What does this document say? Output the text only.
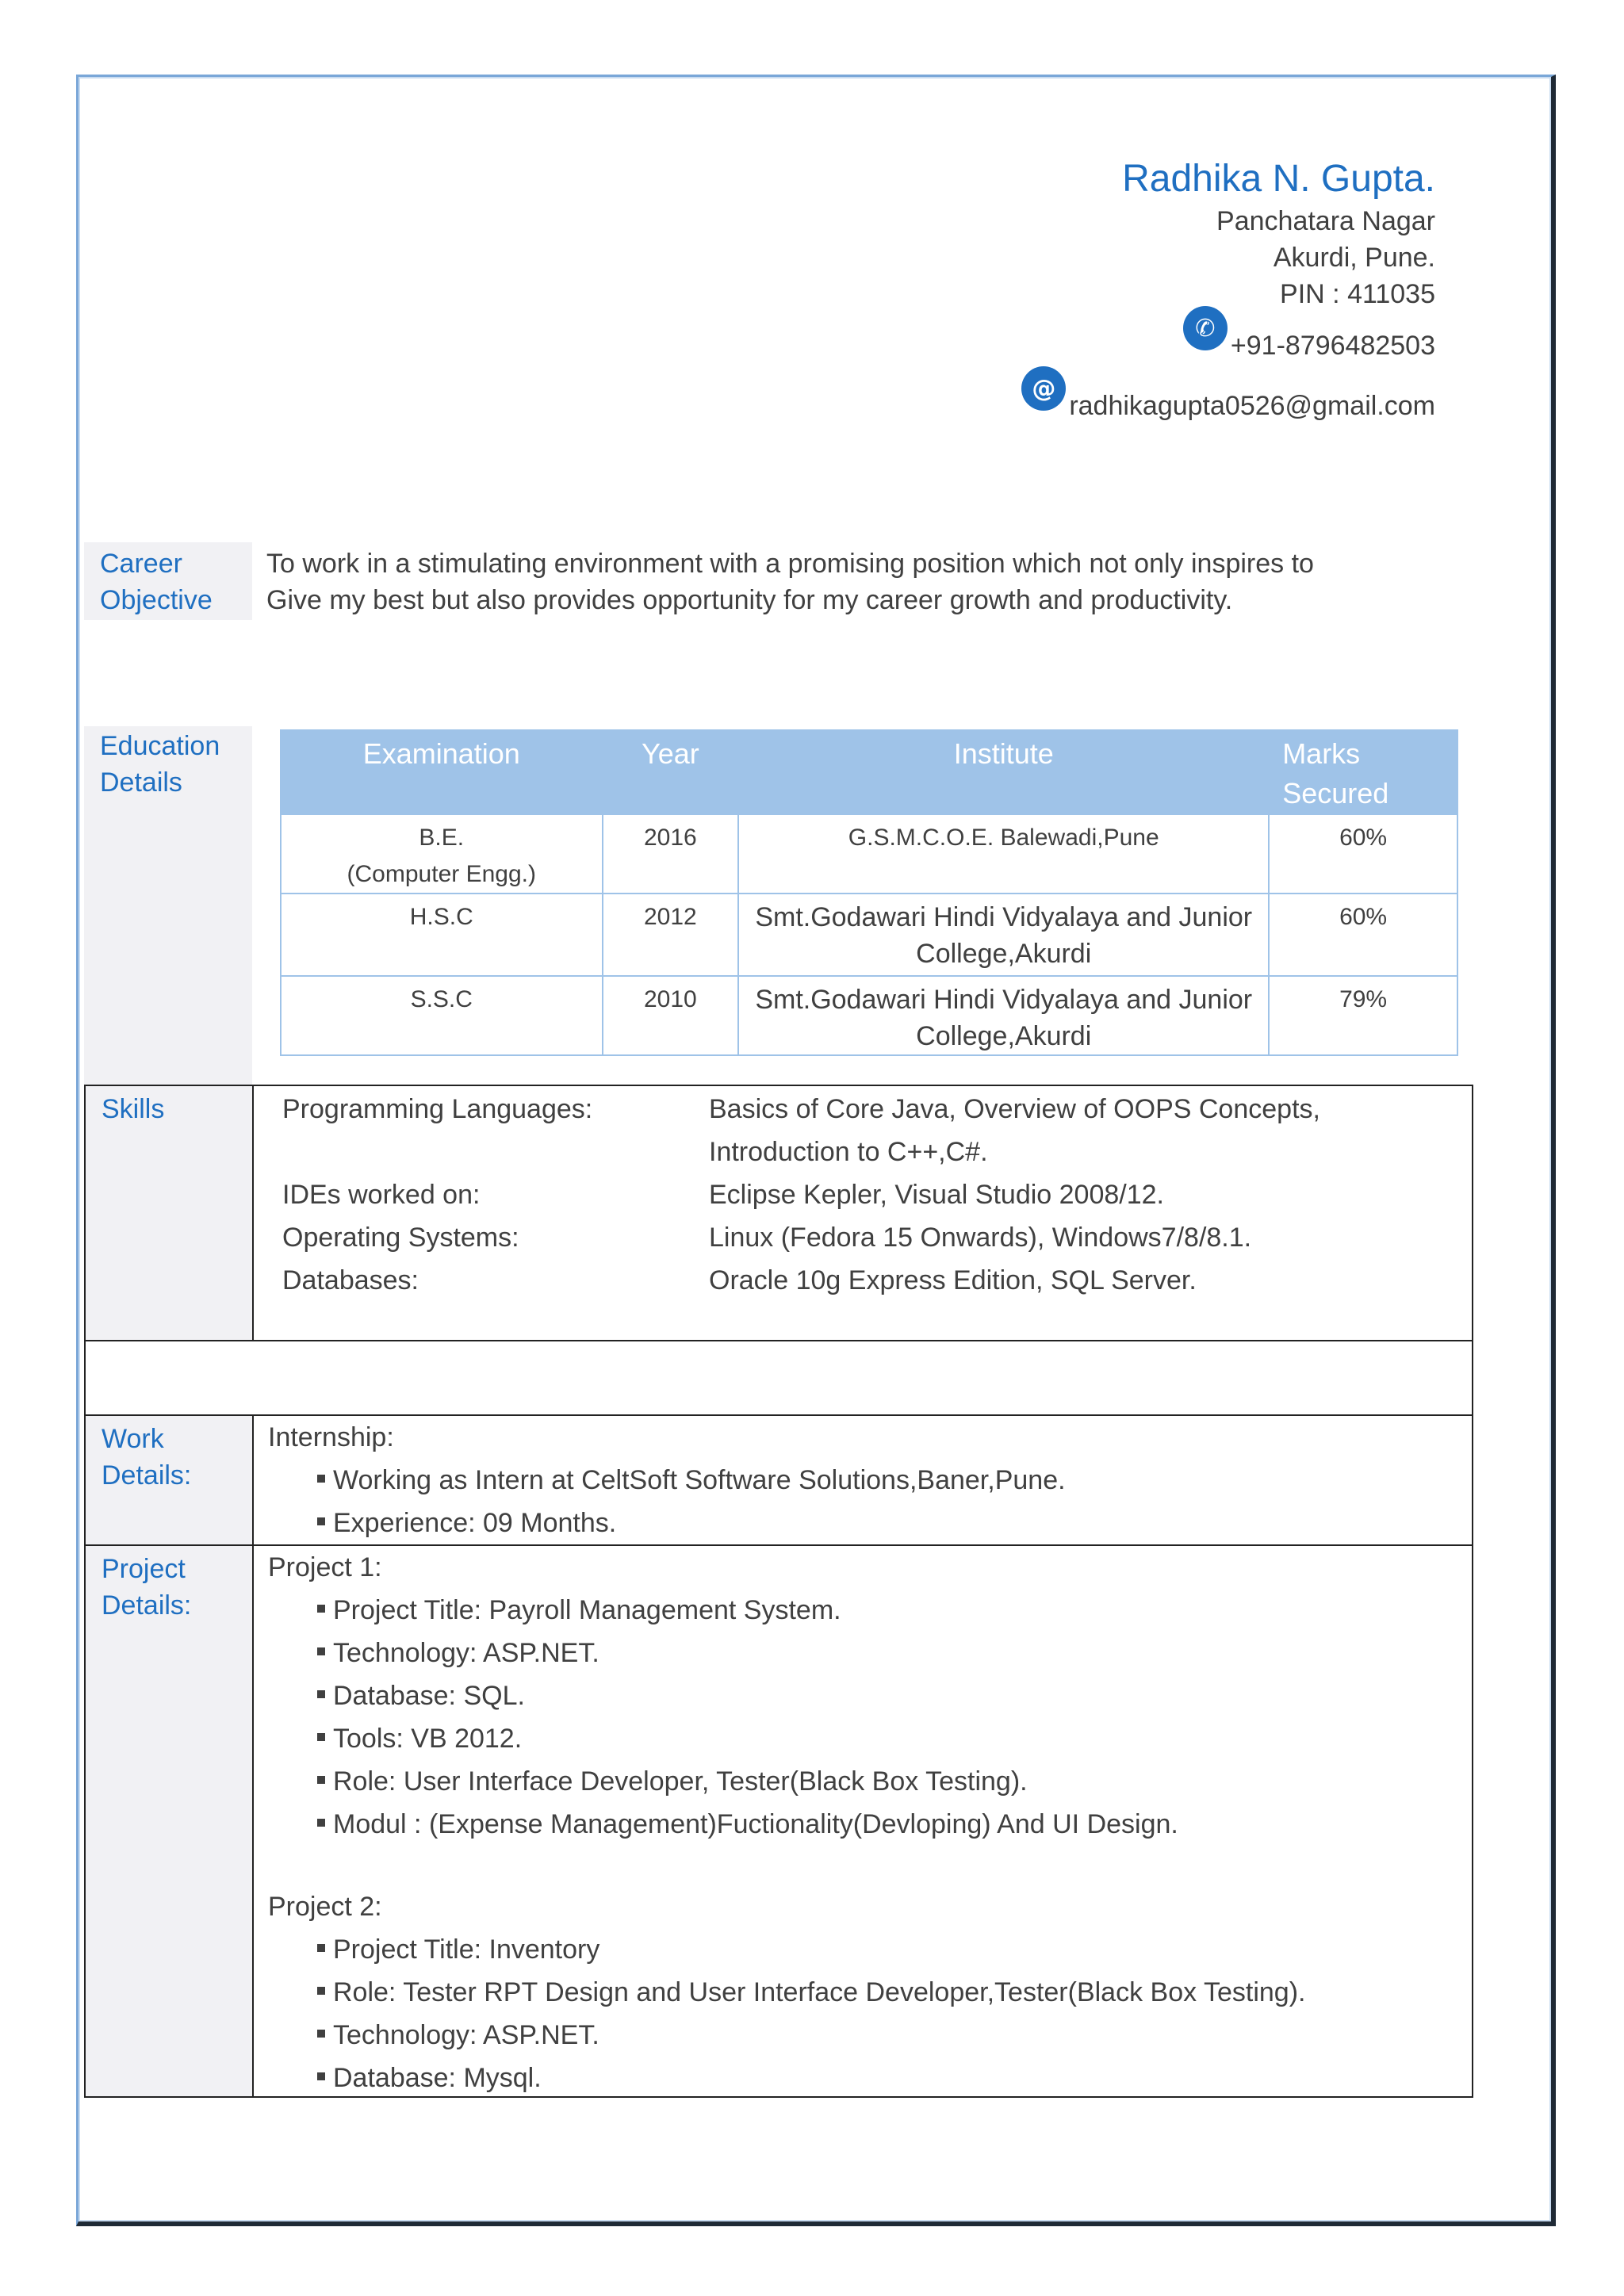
Radhika N. Gupta.
Panchatara Nagar
Akurdi, Pune.
PIN : 411035
✆
+91-8796482503
@
radhikagupta0526@gmail.com
Career
Objective
To work in a stimulating environment with a promising position which not only inspires to
Give my best but also provides opportunity for my career growth and productivity.
Education
Details
Examination	Year	Institute	Marks
Secured

B.E.
(Computer Engg.)	2016	G.S.M.C.O.E. Balewadi,Pune	60%
H.S.C	2012	Smt.Godawari Hindi Vidyalaya and Junior
College,Akurdi	60%
S.S.C	2010	Smt.Godawari Hindi Vidyalaya and Junior
College,Akurdi	79%
Skills	Programming Languages:	Basics of Core Java, Overview of OOPS Concepts,
Introduction to C++,C#.
IDEs worked on:	Eclipse Kepler, Visual Studio 2008/12.
Operating Systems:	Linux (Fedora 15 Onwards), Windows7/8/8.1.
Databases:	Oracle 10g Express Edition, SQL Server.
Work
Details:
Internship:
Working as Intern at CeltSoft Software Solutions,Baner,Pune.
Experience: 09 Months.
Project
Details:
Project 1:
Project Title: Payroll Management System.
Technology: ASP.NET.
Database: SQL.
Tools: VB 2012.
Role: User Interface Developer, Tester(Black Box Testing).
Modul : (Expense Management)Fuctionality(Devloping) And UI Design.
Project 2:
Project Title: Inventory
Role: Tester RPT Design and User Interface Developer,Tester(Black Box Testing).
Technology: ASP.NET.
Database: Mysql.
